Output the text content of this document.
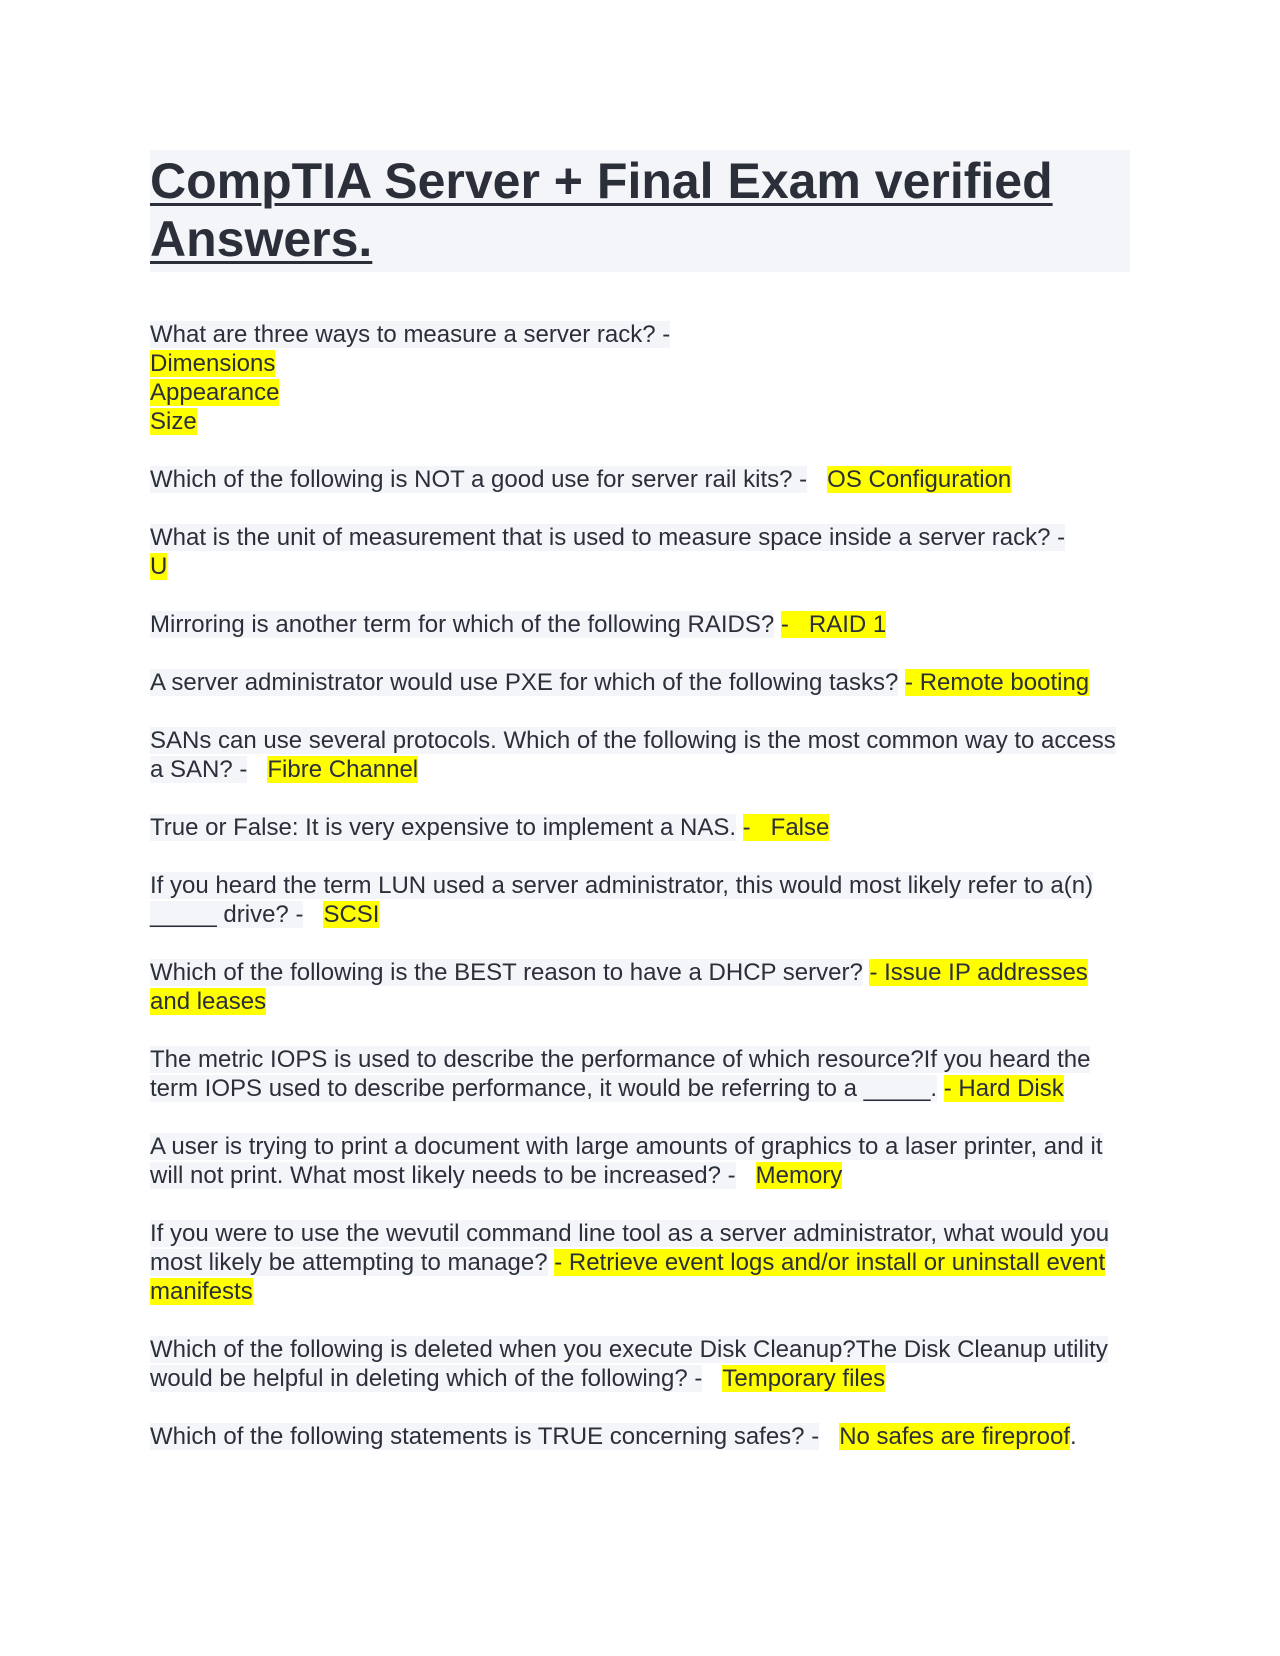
CompTIA Server + Final Exam verified Answers.

What are three ways to measure a server rack? -
Dimensions
Appearance
Size

Which of the following is NOT a good use for server rail kits? - OS Configuration

What is the unit of measurement that is used to measure space inside a server rack? -
U

Mirroring is another term for which of the following RAIDS? -   RAID 1

A server administrator would use PXE for which of the following tasks? - Remote booting

SANs can use several protocols. Which of the following is the most common way to access a SAN? - Fibre Channel

True or False: It is very expensive to implement a NAS. -   False

If you heard the term LUN used a server administrator, this would most likely refer to a(n) _____ drive? - SCSI

Which of the following is the BEST reason to have a DHCP server? - Issue IP addresses and leases

The metric IOPS is used to describe the performance of which resource?If you heard the term IOPS used to describe performance, it would be referring to a _____. - Hard Disk

A user is trying to print a document with large amounts of graphics to a laser printer, and it will not print. What most likely needs to be increased? - Memory

If you were to use the wevutil command line tool as a server administrator, what would you most likely be attempting to manage? - Retrieve event logs and/or install or uninstall event manifests

Which of the following is deleted when you execute Disk Cleanup?The Disk Cleanup utility would be helpful in deleting which of the following? - Temporary files

Which of the following statements is TRUE concerning safes? - No safes are fireproof.
